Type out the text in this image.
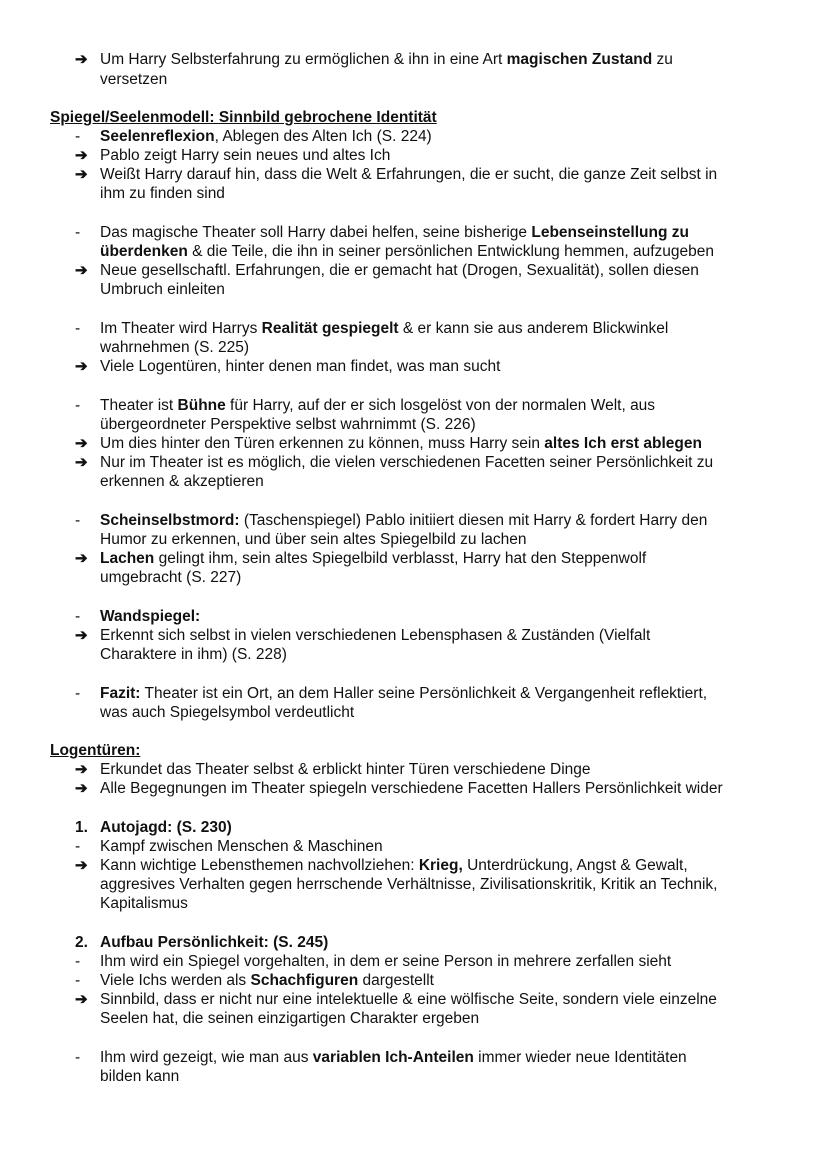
➔ Um Harry Selbsterfahrung zu ermöglichen & ihn in eine Art magischen Zustand zu
versetzen
Spiegel/Seelenmodell: Sinnbild gebrochene Identität
-	Seelenreflexion, Ablegen des Alten Ich (S. 224)
➔ Pablo zeigt Harry sein neues und altes Ich
➔ Weißt Harry darauf hin, dass die Welt & Erfahrungen, die er sucht, die ganze Zeit selbst in
ihm zu finden sind
-	Das magische Theater soll Harry dabei helfen, seine bisherige Lebenseinstellung zu
überdenken & die Teile, die ihn in seiner persönlichen Entwicklung hemmen, aufzugeben
➔ Neue gesellschaftl. Erfahrungen, die er gemacht hat (Drogen, Sexualität), sollen diesen
Umbruch einleiten
-	Im Theater wird Harrys Realität gespiegelt & er kann sie aus anderem Blickwinkel
wahrnehmen (S. 225)
➔ Viele Logentüren, hinter denen man findet, was man sucht
-	Theater ist Bühne für Harry, auf der er sich losgelöst von der normalen Welt, aus
übergeordneter Perspektive selbst wahrnimmt (S. 226)
➔ Um dies hinter den Türen erkennen zu können, muss Harry sein altes Ich erst ablegen
➔ Nur im Theater ist es möglich, die vielen verschiedenen Facetten seiner Persönlichkeit zu
erkennen & akzeptieren
-	Scheinselbstmord: (Taschenspiegel) Pablo initiiert diesen mit Harry & fordert Harry den
Humor zu erkennen, und über sein altes Spiegelbild zu lachen
➔ Lachen gelingt ihm, sein altes Spiegelbild verblasst, Harry hat den Steppenwolf
umgebracht (S. 227)
-	Wandspiegel:
➔ Erkennt sich selbst in vielen verschiedenen Lebensphasen & Zuständen (Vielfalt
Charaktere in ihm) (S. 228)
-	Fazit: Theater ist ein Ort, an dem Haller seine Persönlichkeit & Vergangenheit reflektiert,
was auch Spiegelsymbol verdeutlicht
Logentüren:
➔ Erkundet das Theater selbst & erblickt hinter Türen verschiedene Dinge
➔ Alle Begegnungen im Theater spiegeln verschiedene Facetten Hallers Persönlichkeit wider
1. Autojagd: (S. 230)
-	Kampf zwischen Menschen & Maschinen
➔ Kann wichtige Lebensthemen nachvollziehen: Krieg, Unterdrückung, Angst & Gewalt,
aggresives Verhalten gegen herrschende Verhältnisse, Zivilisationskritik, Kritik an Technik,
Kapitalismus
2. Aufbau Persönlichkeit: (S. 245)
-	Ihm wird ein Spiegel vorgehalten, in dem er seine Person in mehrere zerfallen sieht
-	Viele Ichs werden als Schachfiguren dargestellt
➔ Sinnbild, dass er nicht nur eine intelektuelle & eine wölfische Seite, sondern viele einzelne
Seelen hat, die seinen einzigartigen Charakter ergeben
-	Ihm wird gezeigt, wie man aus variablen Ich-Anteilen immer wieder neue Identitäten
bilden kann
